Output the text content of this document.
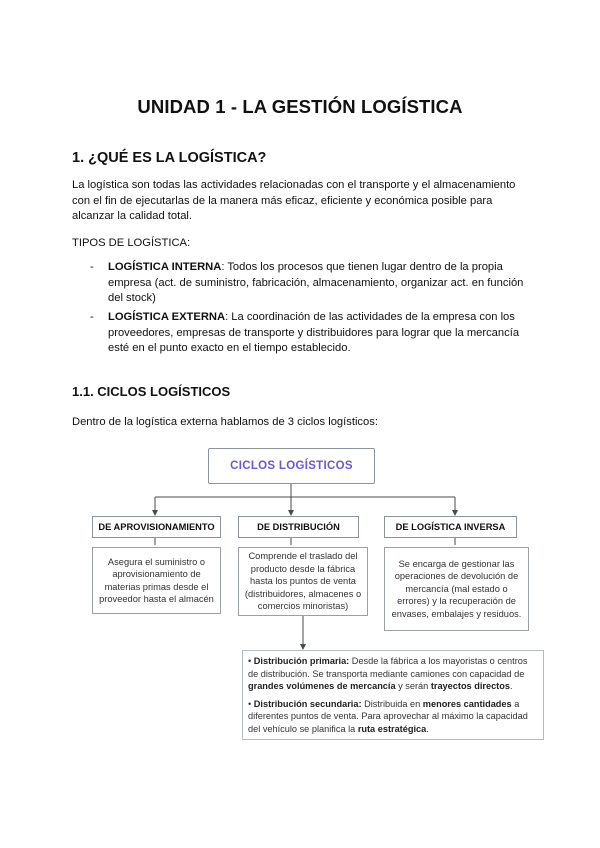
UNIDAD 1 - LA GESTIÓN LOGÍSTICA
1. ¿QUÉ ES LA LOGÍSTICA?
La logística son todas las actividades relacionadas con el transporte y el almacenamiento con el fin de ejecutarlas de la manera más eficaz, eficiente y económica posible para alcanzar la calidad total.
TIPOS DE LOGÍSTICA:
- LOGÍSTICA INTERNA: Todos los procesos que tienen lugar dentro de la propia empresa (act. de suministro, fabricación, almacenamiento, organizar act. en función del stock)
- LOGÍSTICA EXTERNA: La coordinación de las actividades de la empresa con los proveedores, empresas de transporte y distribuidores para lograr que la mercancía esté en el punto exacto en el tiempo establecido.
1.1. CICLOS LOGÍSTICOS
Dentro de la logística externa hablamos de 3 ciclos logísticos:
CICLOS LOGÍSTICOS
DE APROVISIONAMIENTO	DE DISTRIBUCIÓN	DE LOGÍSTICA INVERSA
Asegura el suministro o aprovisionamiento de materias primas desde el proveedor hasta el almacén
Comprende el traslado del producto desde la fábrica hasta los puntos de venta (distribuidores, almacenes o comercios minoristas)
Se encarga de gestionar las operaciones de devolución de mercancía (mal estado o errores) y la recuperación de envases, embalajes y residuos.

• Distribución primaria: Desde la fábrica a los mayoristas o centros de distribución. Se transporta mediante camiones con capacidad de grandes volúmenes de mercancía y serán trayectos directos.

• Distribución secundaria: Distribuida en menores cantidades a diferentes puntos de venta. Para aprovechar al máximo la capacidad del vehículo se planifica la ruta estratégica.
